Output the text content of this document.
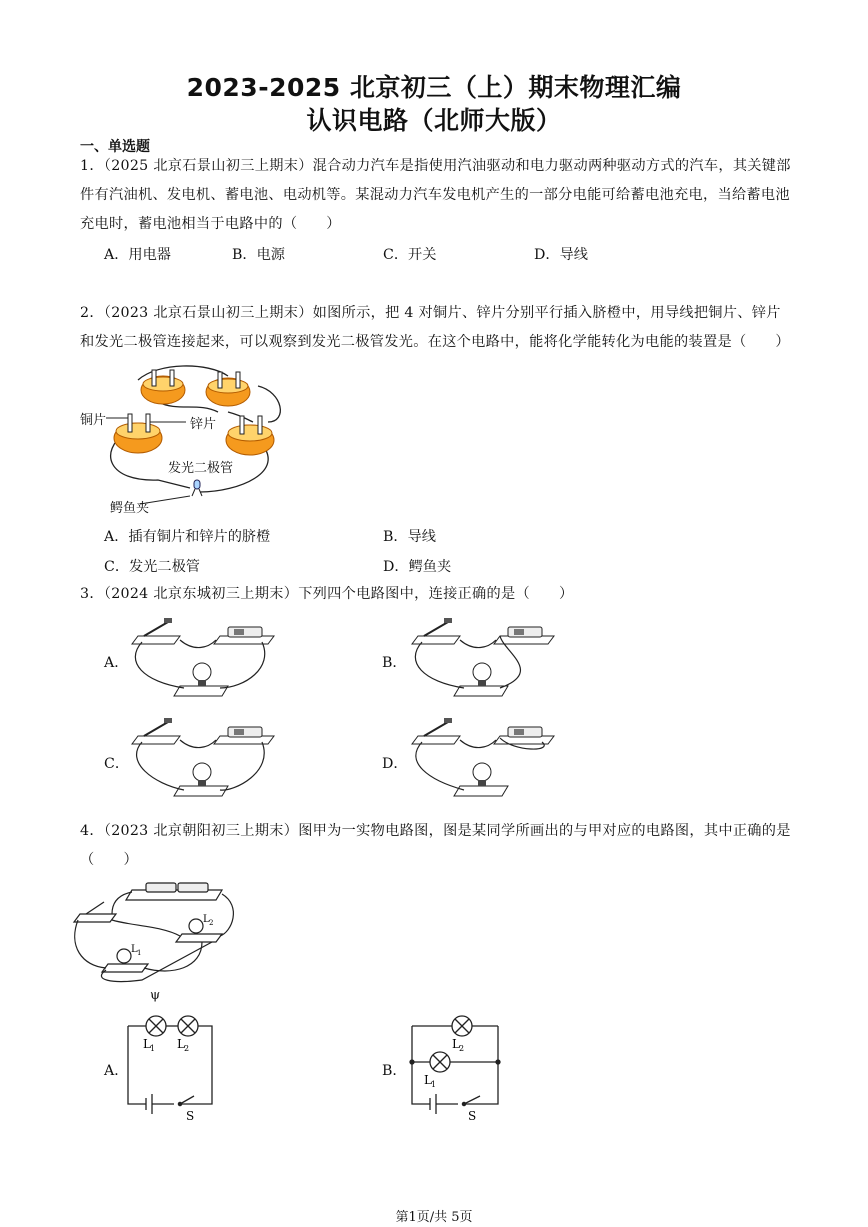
2023-2025 北京初三（上）期末物理汇编
认识电路（北师大版）
一、单选题
1．（2025 北京石景山初三上期末）混合动力汽车是指使用汽油驱动和电力驱动两种驱动方式的汽车，其关键部件有汽油机、发电机、蓄电池、电动机等。某混动力汽车发电机产生的一部分电能可给蓄电池充电，当给蓄电池充电时，蓄电池相当于电路中的（　　）
A．用电器	B．电源	C．开关	D．导线
2．（2023 北京石景山初三上期末）如图所示，把 4 对铜片、锌片分别平行插入脐橙中，用导线把铜片、锌片和发光二极管连接起来，可以观察到发光二极管发光。在这个电路中，能将化学能转化为电能的装置是（　　）
铜片	锌片
发光二极管
鳄鱼夹
A．插有铜片和锌片的脐橙	B．导线
C．发光二极管	D．鳄鱼夹
3．（2024 北京东城初三上期末）下列四个电路图中，连接正确的是（　　）
A．	B．
C．	D．
4．（2023 北京朝阳初三上期末）图甲为一实物电路图，图是某同学所画出的与甲对应的电路图，其中正确的是（　　）
L 2
L 1
ψ
A．	B．
L 1 L 2
S
L 2
L 1
S
第1页/共 5页
